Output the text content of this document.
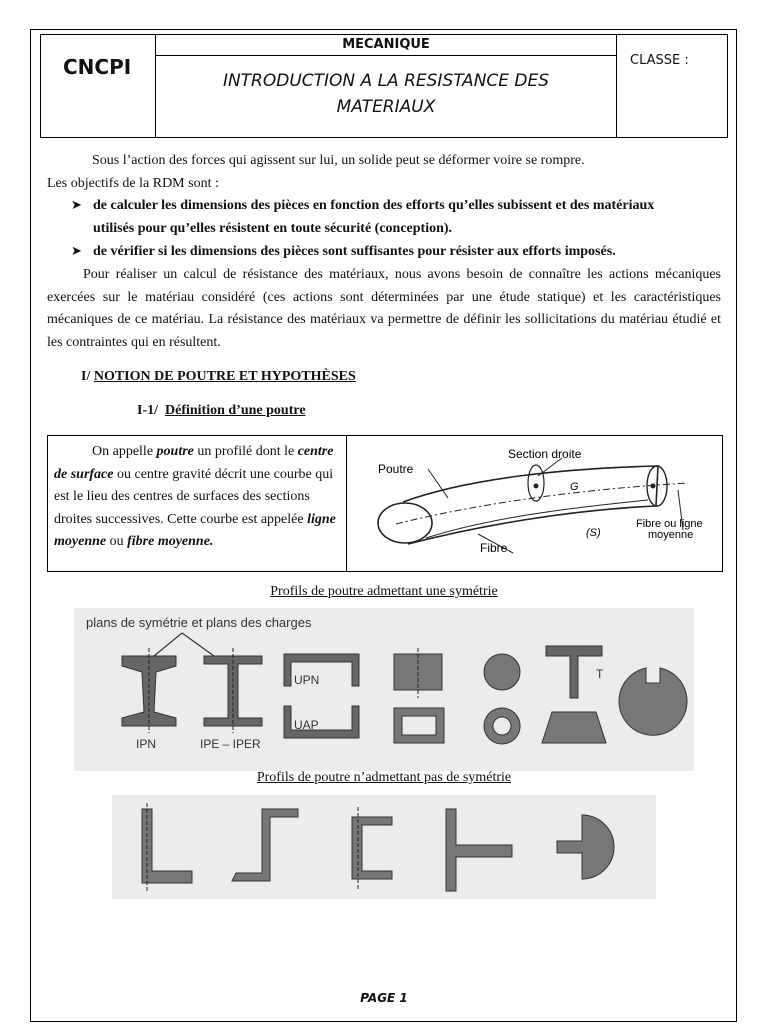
CNCPI
MECANIQUE
INTRODUCTION A LA RESISTANCE DES
MATERIAUX
CLASSE :
Sous l’action des forces qui agissent sur lui, un solide peut se déformer voire se rompre.
Les objectifs de la RDM sont :
➤ de calculer les dimensions des pièces en fonction des efforts qu’elles subissent et des matériaux
utilisés pour qu’elles résistent en toute sécurité (conception).
➤ de vérifier si les dimensions des pièces sont suffisantes pour résister aux efforts imposés.
Pour réaliser un calcul de résistance des matériaux, nous avons besoin de connaître les actions mécaniques exercées sur le matériau considéré (ces actions sont déterminées par une étude statique) et les caractéristiques mécaniques de ce matériau. La résistance des matériaux va permettre de définir les sollicitations du matériau étudié et les contraintes qui en résultent.
I/ NOTION DE POUTRE ET HYPOTHÈSES
I-1/ Définition d’une poutre
On appelle poutre un profilé dont le centre de surface ou centre gravité décrit une courbe qui est le lieu des centres de surfaces des sections droites successives. Cette courbe est appelée ligne moyenne ou fibre moyenne.
Section droite
Poutre
G
(S)
Fibre ou ligne
moyenne
Fibre
Profils de poutre admettant une symétrie
plans de symétrie et plans des charges
IPN	IPE – IPER
UPN
UAP
T
Profils de poutre n’admettant pas de symétrie
PAGE 1
